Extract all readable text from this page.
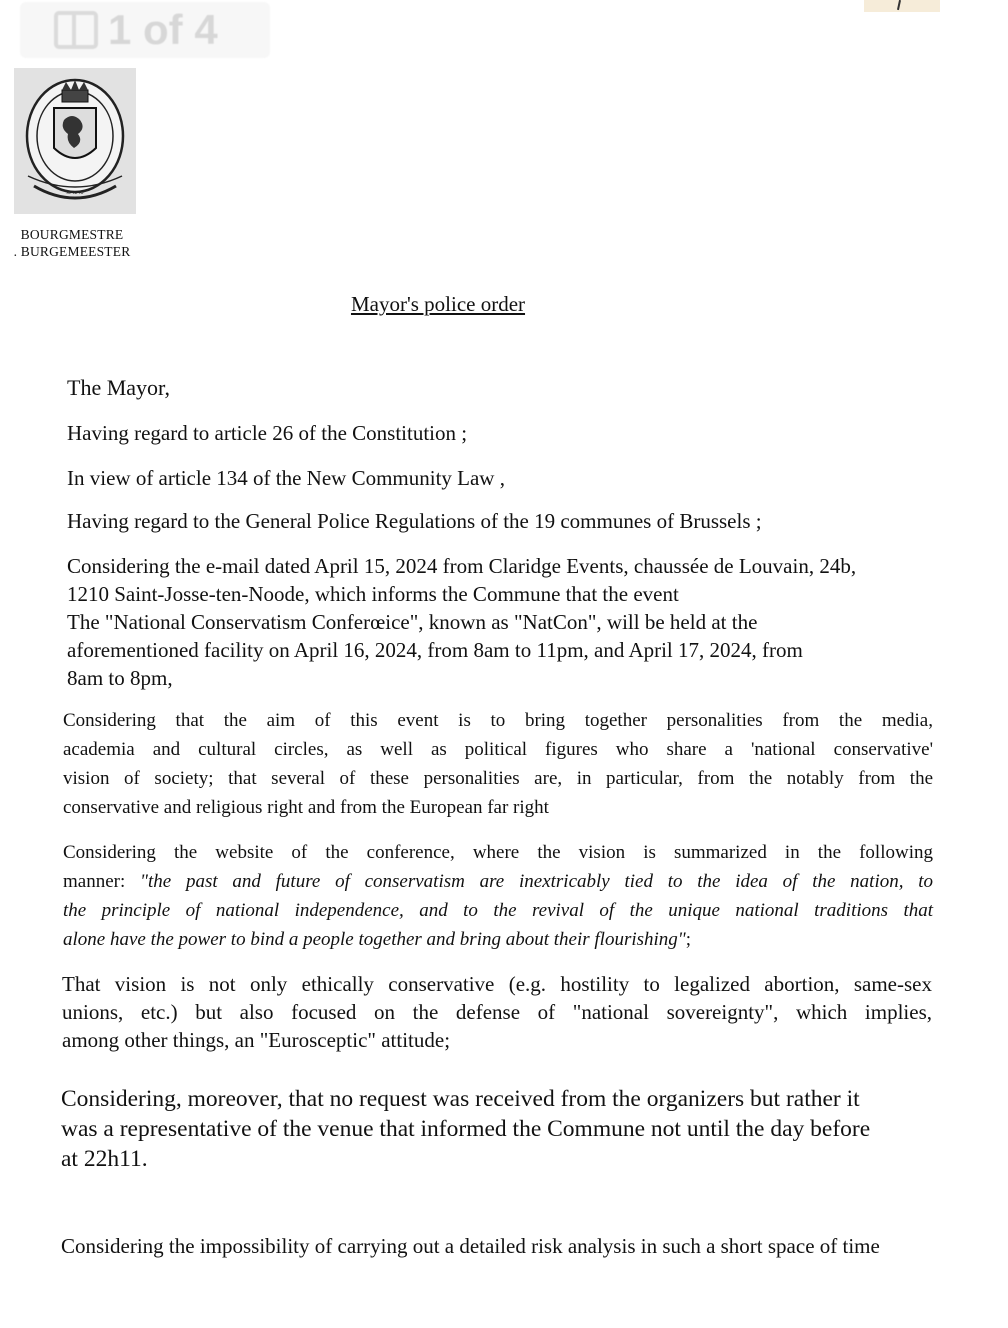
1 of 4
~ ~ ~
BOURGMESTRE
. BURGEMEESTER
Mayor's police order

The Mayor,

Having regard to article 26 of the Constitution ;

In view of article 134 of the New Community Law ,

Having regard to the General Police Regulations of the 19 communes of Brussels ;

Considering the e-mail dated April 15, 2024 from Claridge Events, chaussée de Louvain, 24b,
1210 Saint-Josse-ten-Noode, which informs the Commune that the event
The "National Conservatism Conferœice", known as "NatCon", will be held at the
aforementioned facility on April 16, 2024, from 8am to 11pm, and April 17, 2024, from
8am to 8pm,

Considering that the aim of this event is to bring together personalities from the media,
academia and cultural circles, as well as political figures who share a 'national conservative'
vision of society; that several of these personalities are, in particular, from the notably from the
conservative and religious right and from the European far right

Considering the website of the conference, where the vision is summarized in the following
manner: "the past and future of conservatism are inextricably tied to the idea of the nation, to
the principle of national independence, and to the revival of the unique national traditions that
alone have the power to bind a people together and bring about their flourishing";

That vision is not only ethically conservative (e.g. hostility to legalized abortion, same-sex
unions, etc.) but also focused on the defense of "national sovereignty", which implies,
among other things, an "Eurosceptic" attitude;

Considering, moreover, that no request was received from the organizers but rather it
was a representative of the venue that informed the Commune not until the day before
at 22h11.

Considering the impossibility of carrying out a detailed risk analysis in such a short space of time
